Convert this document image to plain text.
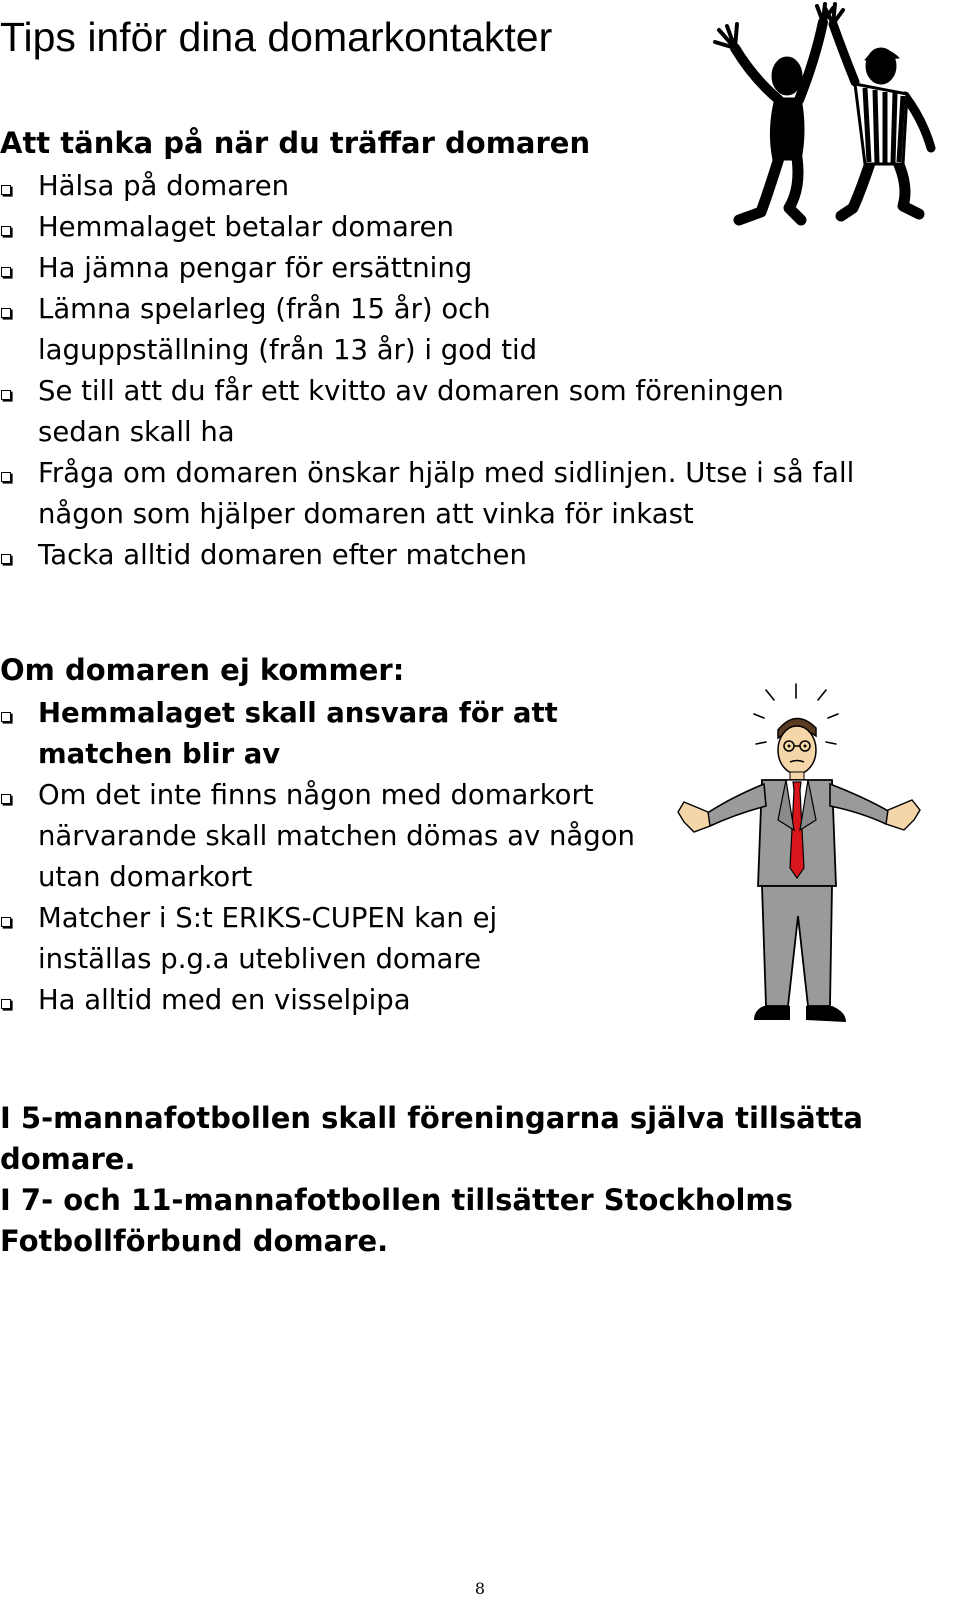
Tips inför dina domarkontakter
Att tänka på när du träffar domaren
Hälsa på domaren
Hemmalaget betalar domaren
Ha jämna pengar för ersättning
Lämna spelarleg (från 15 år) och laguppställning (från 13 år) i god tid
Se till att du får ett kvitto av domaren som föreningen sedan skall ha
Fråga om domaren önskar hjälp med sidlinjen. Utse i så fall någon som hjälper domaren att vinka för inkast
Tacka alltid domaren efter matchen
Om domaren ej kommer:
Hemmalaget skall ansvara för att matchen blir av
Om det inte finns någon med domarkort närvarande skall matchen dömas av någon utan domarkort
Matcher i S:t ERIKS-CUPEN kan ej inställas p.g.a utebliven domare
Ha alltid med en visselpipa

I 5-mannafotbollen skall föreningarna själva tillsätta domare.

I 7- och 11-mannafotbollen tillsätter Stockholms Fotbollförbund domare.

8
